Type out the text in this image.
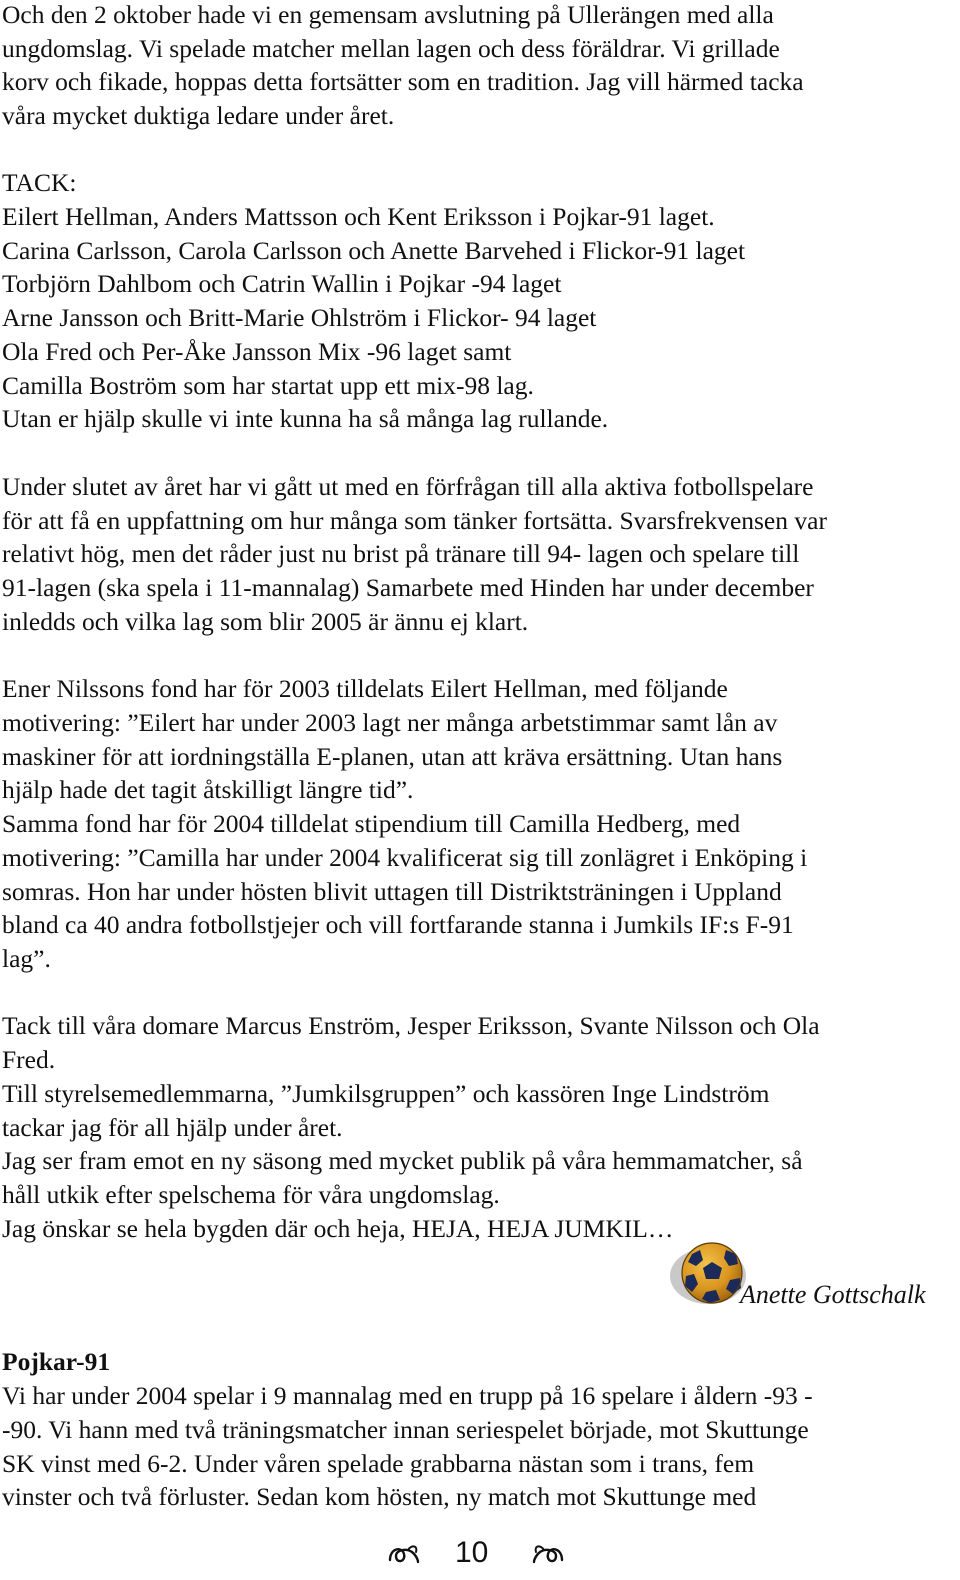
Och den 2 oktober hade vi en gemensam avslutning på Ullerängen med alla
ungdomslag. Vi spelade matcher mellan lagen och dess föräldrar. Vi grillade
korv och fikade, hoppas detta fortsätter som en tradition. Jag vill härmed tacka
våra mycket duktiga ledare under året.
TACK:
Eilert Hellman, Anders Mattsson och Kent Eriksson i Pojkar-91 laget.
Carina Carlsson, Carola Carlsson och Anette Barvehed i Flickor-91 laget
Torbjörn Dahlbom och Catrin Wallin i Pojkar -94 laget
Arne Jansson och Britt-Marie Ohlström i Flickor- 94 laget
Ola Fred och Per-Åke Jansson Mix -96 laget samt
Camilla Boström som har startat upp ett mix-98 lag.
Utan er hjälp skulle vi inte kunna ha så många lag rullande.
Under slutet av året har vi gått ut med en förfrågan till alla aktiva fotbollspelare
för att få en uppfattning om hur många som tänker fortsätta. Svarsfrekvensen var
relativt hög, men det råder just nu brist på tränare till 94- lagen och spelare till
91-lagen (ska spela i 11-mannalag) Samarbete med Hinden har under december
inledds och vilka lag som blir 2005 är ännu ej klart.
Ener Nilssons fond har för 2003 tilldelats Eilert Hellman, med följande
motivering: ”Eilert har under 2003 lagt ner många arbetstimmar samt lån av
maskiner för att iordningställa E-planen, utan att kräva ersättning. Utan hans
hjälp hade det tagit åtskilligt längre tid”.
Samma fond har för 2004 tilldelat stipendium till Camilla Hedberg, med
motivering: ”Camilla har under 2004 kvalificerat sig till zonlägret i Enköping i
somras. Hon har under hösten blivit uttagen till Distriktsträningen i Uppland
bland ca 40 andra fotbollstjejer och vill fortfarande stanna i Jumkils IF:s F-91
lag”.
Tack till våra domare Marcus Enström, Jesper Eriksson, Svante Nilsson och Ola
Fred.
Till styrelsemedlemmarna, ”Jumkilsgruppen” och kassören Inge Lindström
tackar jag för all hjälp under året.
Jag ser fram emot en ny säsong med mycket publik på våra hemmamatcher, så
håll utkik efter spelschema för våra ungdomslag.
Jag önskar se hela bygden där och heja, HEJA, HEJA JUMKIL…
Anette Gottschalk
Pojkar-91
Vi har under 2004 spelar i 9 mannalag med en trupp på 16 spelare i åldern -93 -
-90. Vi hann med två träningsmatcher innan seriespelet började, mot Skuttunge
SK vinst med 6-2. Under våren spelade grabbarna nästan som i trans, fem
vinster och två förluster. Sedan kom hösten, ny match mot Skuttunge med
10
